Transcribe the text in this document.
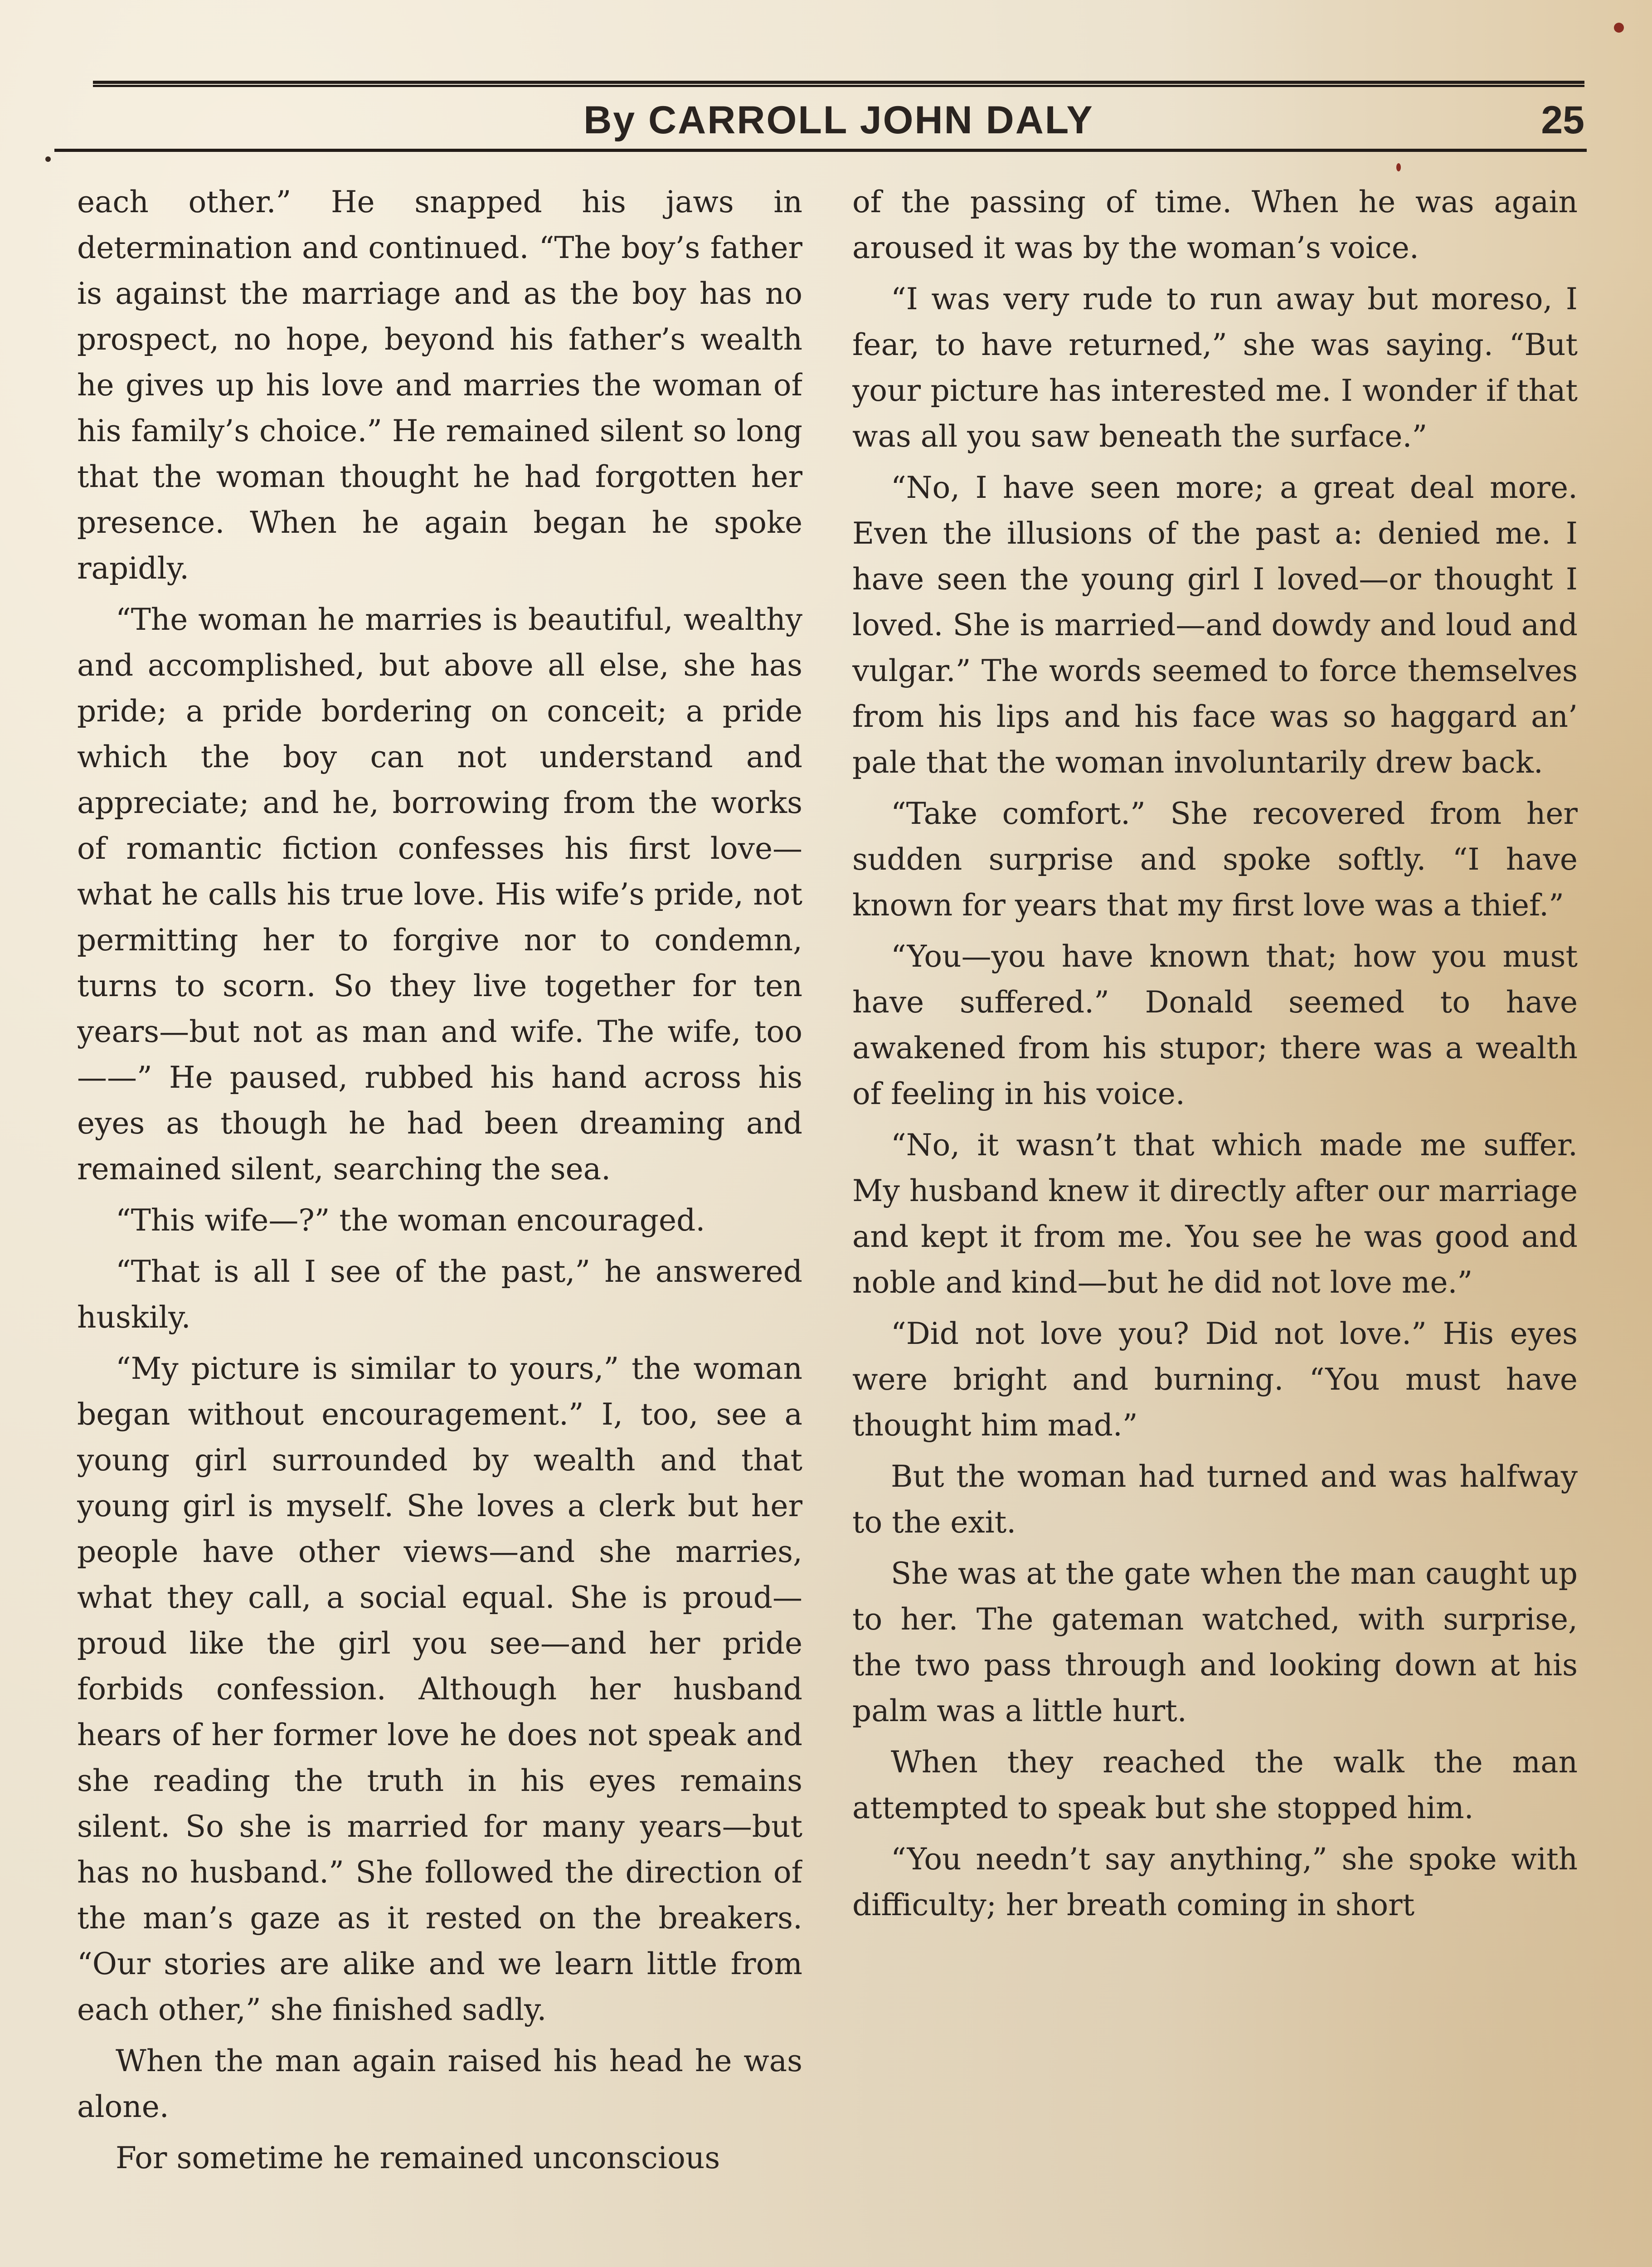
By CARROLL JOHN DALY	25

each other.” He snapped his jaws in determination and continued. “The boy’s father is against the marriage and as the boy has no prospect, no hope, beyond his father’s wealth he gives up his love and marries the woman of his family’s choice.” He remained silent so long that the woman thought he had forgotten her presence. When he again began he spoke rapidly.

“The woman he marries is beautiful, wealthy and accomplished, but above all else, she has pride; a pride bordering on conceit; a pride which the boy can not understand and appreciate; and he, borrowing from the works of romantic fiction confesses his first love—what he calls his true love. His wife’s pride, not permitting her to forgive nor to condemn, turns to scorn. So they live together for ten years—but not as man and wife. The wife, too ——” He paused, rubbed his hand across his eyes as though he had been dreaming and remained silent, searching the sea.

“This wife—?” the woman encouraged.

“That is all I see of the past,” he answered huskily.

“My picture is similar to yours,” the woman began without encouragement.” I, too, see a young girl surrounded by wealth and that young girl is myself. She loves a clerk but her people have other views—and she marries, what they call, a social equal. She is proud—proud like the girl you see—and her pride forbids confession. Although her husband hears of her former love he does not speak and she reading the truth in his eyes remains silent. So she is married for many years—but has no husband.” She followed the direction of the man’s gaze as it rested on the breakers. “Our stories are alike and we learn little from each other,” she finished sadly.

When the man again raised his head he was alone.

For sometime he remained unconscious

of the passing of time. When he was again aroused it was by the woman’s voice.

“I was very rude to run away but moreso, I fear, to have returned,” she was saying. “But your picture has interested me. I wonder if that was all you saw beneath the surface.”

“No, I have seen more; a great deal more. Even the illusions of the past a: denied me. I have seen the young girl I loved—or thought I loved. She is married—and dowdy and loud and vulgar.” The words seemed to force themselves from his lips and his face was so haggard an’ pale that the woman involuntarily drew back.

“Take comfort.” She recovered from her sudden surprise and spoke softly. “I have known for years that my first love was a thief.”

“You—you have known that; how you must have suffered.” Donald seemed to have awakened from his stupor; there was a wealth of feeling in his voice.

“No, it wasn’t that which made me suffer. My husband knew it directly after our marriage and kept it from me. You see he was good and noble and kind—but he did not love me.”

“Did not love you? Did not love.” His eyes were bright and burning. “You must have thought him mad.”

But the woman had turned and was halfway to the exit.

She was at the gate when the man caught up to her. The gateman watched, with surprise, the two pass through and looking down at his palm was a little hurt.

When they reached the walk the man attempted to speak but she stopped him.

“You needn’t say anything,” she spoke with difficulty; her breath coming in short
